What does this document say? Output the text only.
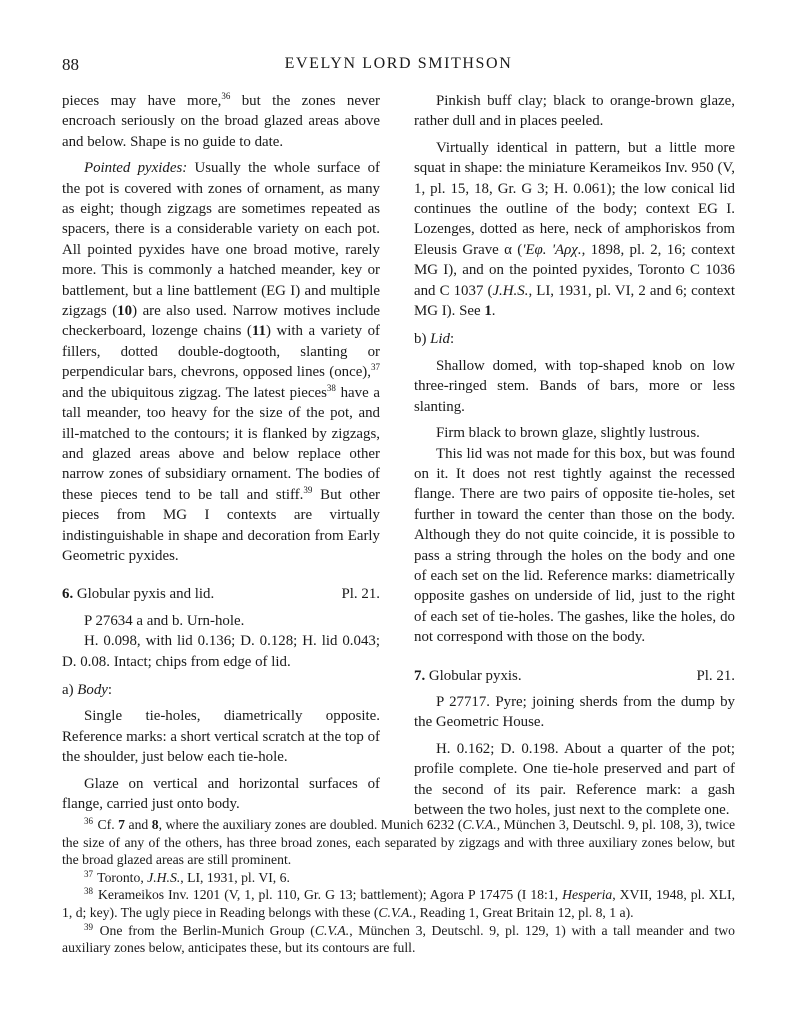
88	EVELYN LORD SMITHSON

pieces may have more,$^{36}$ but the zones never encroach seriously on the broad glazed areas above and below. Shape is no guide to date.

Pointed pyxides: Usually the whole surface of the pot is covered with zones of ornament, as many as eight; though zigzags are sometimes repeated as spacers, there is a considerable variety on each pot. All pointed pyxides have one broad motive, rarely more. This is commonly a hatched meander, key or battlement, but a line battlement (EG I) and multiple zigzags (10) are also used. Narrow motives include checkerboard, lozenge chains (11) with a variety of fillers, dotted double-dogtooth, slanting or perpendicular bars, chevrons, opposed lines (once),$^{37}$ and the ubiquitous zigzag. The latest pieces$^{38}$ have a tall meander, too heavy for the size of the pot, and ill-matched to the contours; it is flanked by zigzags, and glazed areas above and below replace other narrow zones of subsidiary ornament. The bodies of these pieces tend to be tall and stiff.$^{39}$ But other pieces from MG I contexts are virtually indistinguishable in shape and decoration from Early Geometric pyxides.

6. Globular pyxis and lid.	Pl. 21.

P 27634 a and b. Urn-hole.

H. 0.098, with lid 0.136; D. 0.128; H. lid 0.043; D. 0.08. Intact; chips from edge of lid.

a) Body:

Single tie-holes, diametrically opposite. Reference marks: a short vertical scratch at the top of the shoulder, just below each tie-hole.

Glaze on vertical and horizontal surfaces of flange, carried just onto body.

Pinkish buff clay; black to orange-brown glaze, rather dull and in places peeled.

Virtually identical in pattern, but a little more squat in shape: the miniature Kerameikos Inv. 950 (V, 1, pl. 15, 18, Gr. G 3; H. 0.061); the low conical lid continues the outline of the body; context EG I. Lozenges, dotted as here, neck of amphoriskos from Eleusis Grave α ('Εφ. 'Αρχ., 1898, pl. 2, 16; context MG I), and on the pointed pyxides, Toronto C 1036 and C 1037 (J.H.S., LI, 1931, pl. VI, 2 and 6; context MG I). See 1.

b) Lid:

Shallow domed, with top-shaped knob on low three-ringed stem. Bands of bars, more or less slanting.

Firm black to brown glaze, slightly lustrous.

This lid was not made for this box, but was found on it. It does not rest tightly against the recessed flange. There are two pairs of opposite tie-holes, set further in toward the center than those on the body. Although they do not quite coincide, it is possible to pass a string through the holes on the body and one of each set on the lid. Reference marks: diametrically opposite gashes on underside of lid, just to the right of each set of tie-holes. The gashes, like the holes, do not correspond with those on the body.

7. Globular pyxis.	Pl. 21.

P 27717. Pyre; joining sherds from the dump by the Geometric House.

H. 0.162; D. 0.198. About a quarter of the pot; profile complete. One tie-hole preserved and part of the second of its pair. Reference mark: a gash between the two holes, just next to the complete one.

$^{36}$ Cf. 7 and 8, where the auxiliary zones are doubled. Munich 6232 (C.V.A., München 3, Deutschl. 9, pl. 108, 3), twice the size of any of the others, has three broad zones, each separated by zigzags and with three auxiliary zones below, but the broad glazed areas are still prominent.

$^{37}$ Toronto, J.H.S., LI, 1931, pl. VI, 6.

$^{38}$ Kerameikos Inv. 1201 (V, 1, pl. 110, Gr. G 13; battlement); Agora P 17475 (I 18:1, Hesperia, XVII, 1948, pl. XLI, 1, d; key). The ugly piece in Reading belongs with these (C.V.A., Reading 1, Great Britain 12, pl. 8, 1 a).

$^{39}$ One from the Berlin-Munich Group (C.V.A., München 3, Deutschl. 9, pl. 129, 1) with a tall meander and two auxiliary zones below, anticipates these, but its contours are full.
